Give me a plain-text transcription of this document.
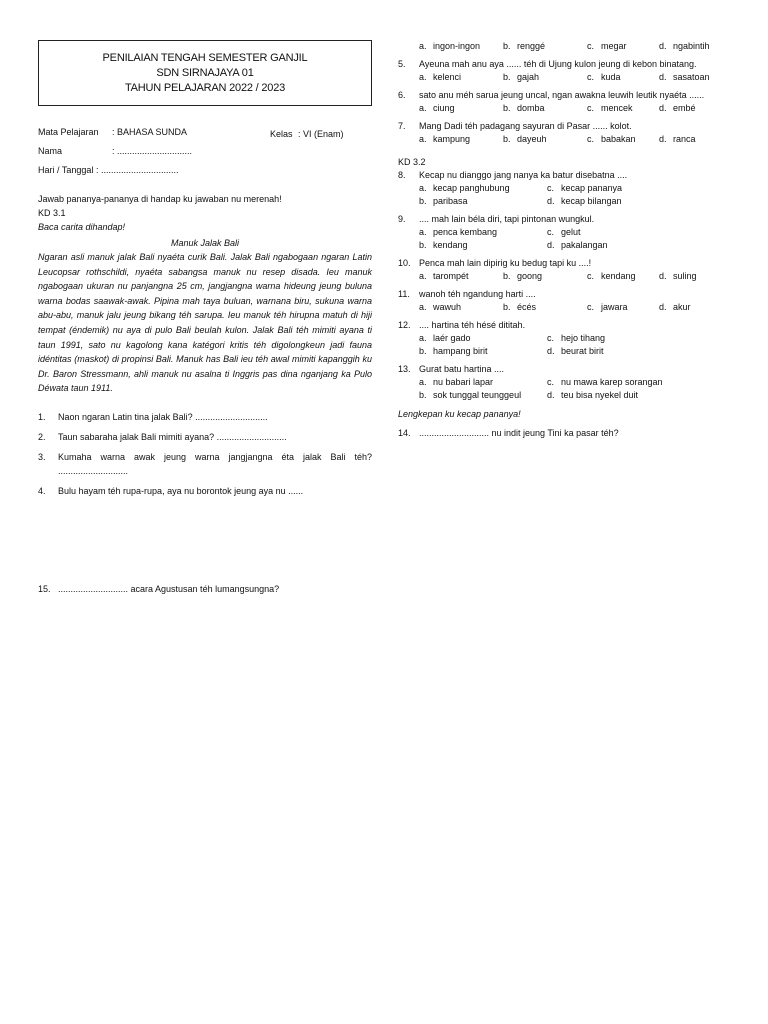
PENILAIAN TENGAH SEMESTER GANJIL
SDN SIRNAJAYA 01
TAHUN PELAJARAN 2022 / 2023
Mata Pelajaran	: BAHASA SUNDA	Kelas : VI (Enam)
Nama	: ..............................
Hari / Tanggal : ...............................
Jawab pananya-pananya di handap ku jawaban nu merenah!
KD 3.1
Baca carita dihandap!
Manuk Jalak Bali
Ngaran asli manuk jalak Bali nyaéta curik Bali. Jalak Bali ngabogaan ngaran Latin Leucopsar rothschildi, nyaéta sabangsa manuk nu resep disada. Ieu manuk ngabogaan ukuran nu panjangna 25 cm, jangjangna warna hideung jeung buluna warna bodas saawak-awak. Pipina mah taya buluan, warnana biru, sukuna warna abu-abu, manuk jalu jeung bikang téh sarupa. Ieu manuk téh hirupna matuh di hiji tempat (éndemik) nu aya di pulo Bali beulah kulon. Jalak Bali téh mimiti ayana ti taun 1991, sato nu kagolong kana katégori kritis téh digolongkeun jadi fauna idéntitas (maskot) di propinsi Bali. Manuk has Bali ieu téh awal mimiti kapanggih ku Dr. Baron Stressmann, ahli manuk nu asalna ti Inggris pas dina nganjang ka Pulo Déwata taun 1911.
1.	Naon ngaran Latin tina jalak Bali? .............................
2.	Taun sabaraha jalak Bali mimiti ayana? ............................
3.	Kumaha warna awak jeung warna jangjangna éta jalak Bali téh? ............................
4.	Bulu hayam téh rupa-rupa, aya nu borontok jeung aya nu ......
15. ............................ acara Agustusan téh lumangsungna?
a. ingon-ingon	b. renggé	c. megar	d. ngabintih
5.	Ayeuna mah anu aya ...... téh di Ujung kulon jeung di kebon binatang.
a. kelenci	b. gajah	c. kuda	d. sasatoan
6.	sato anu méh sarua jeung uncal, ngan awakna leuwih leutik nyaéta ......
a. ciung	b. domba	c. mencek	d. embé
7.	Mang Dadi téh padagang sayuran di Pasar ...... kolot.
a. kampung	b. dayeuh	c. babakan	d. ranca
KD 3.2
8.	Kecap nu dianggo jang nanya ka batur disebatna ....
a. kecap panghubung	c. kecap pananya
b. paribasa	d. kecap bilangan
9.	.... mah lain béla diri, tapi pintonan wungkul.
a. penca kembang	c. gelut
b. kendang	d. pakalangan
10. Penca mah lain dipirig ku bedug tapi ku ....!
a. tarompét	b. goong	c. kendang	d. suling
11.	wanoh téh ngandung harti ....
a. wawuh	b. écés	c. jawara	d. akur
12. .... hartina téh hésé dititah.
a. laér gado	c. hejo tihang
b. hampang birit	d. beurat birit
13. Gurat batu hartina ....
a. nu babari lapar	c. nu mawa karep sorangan
b. sok tunggal teunggeul	d. teu bisa nyekel duit
Lengkepan ku kecap pananya!
14. ............................ nu indit jeung Tini ka pasar téh?
